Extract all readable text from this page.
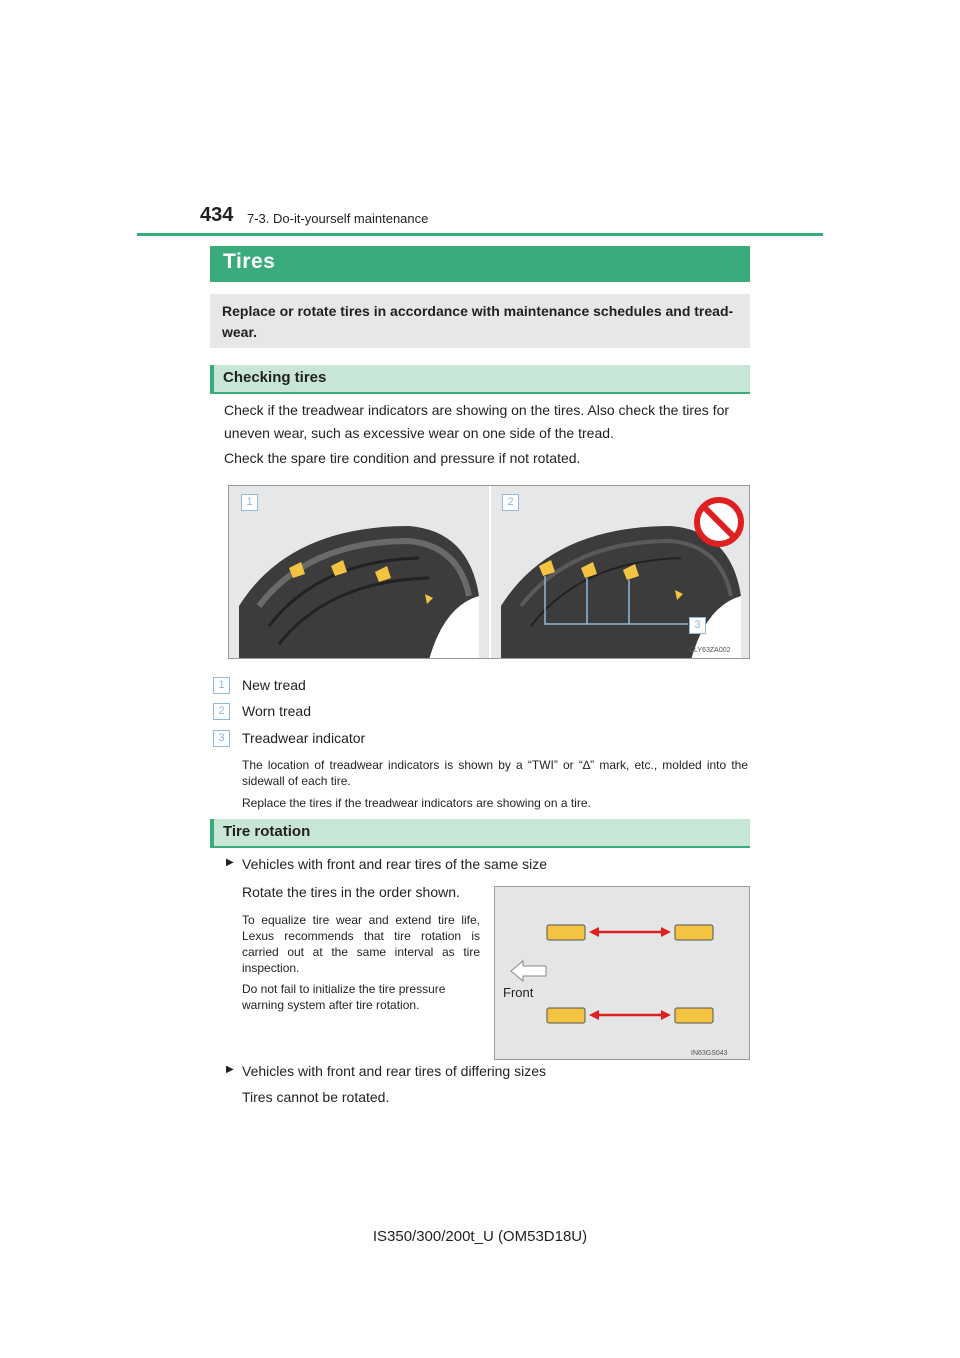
434 7-3. Do-it-yourself maintenance
Tires
Replace or rotate tires in accordance with maintenance schedules and tread-wear.
Checking tires
Check if the treadwear indicators are showing on the tires. Also check the tires for uneven wear, such as excessive wear on one side of the tread.
Check the spare tire condition and pressure if not rotated.
CLY63ZA002
1	2
3
1	New tread
2	Worn tread
3	Treadwear indicator
The location of treadwear indicators is shown by a “TWI” or “∆” mark, etc., molded into the sidewall of each tire.
Replace the tires if the treadwear indicators are showing on a tire.
Tire rotation
▶ Vehicles with front and rear tires of the same size
Rotate the tires in the order shown.
To equalize tire wear and extend tire life, Lexus recommends that tire rotation is carried out at the same interval as tire inspection.
Do not fail to initialize the tire pressure warning system after tire rotation.
Front
IN63GS043
▶ Vehicles with front and rear tires of differing sizes
Tires cannot be rotated.
IS350/300/200t_U (OM53D18U)
